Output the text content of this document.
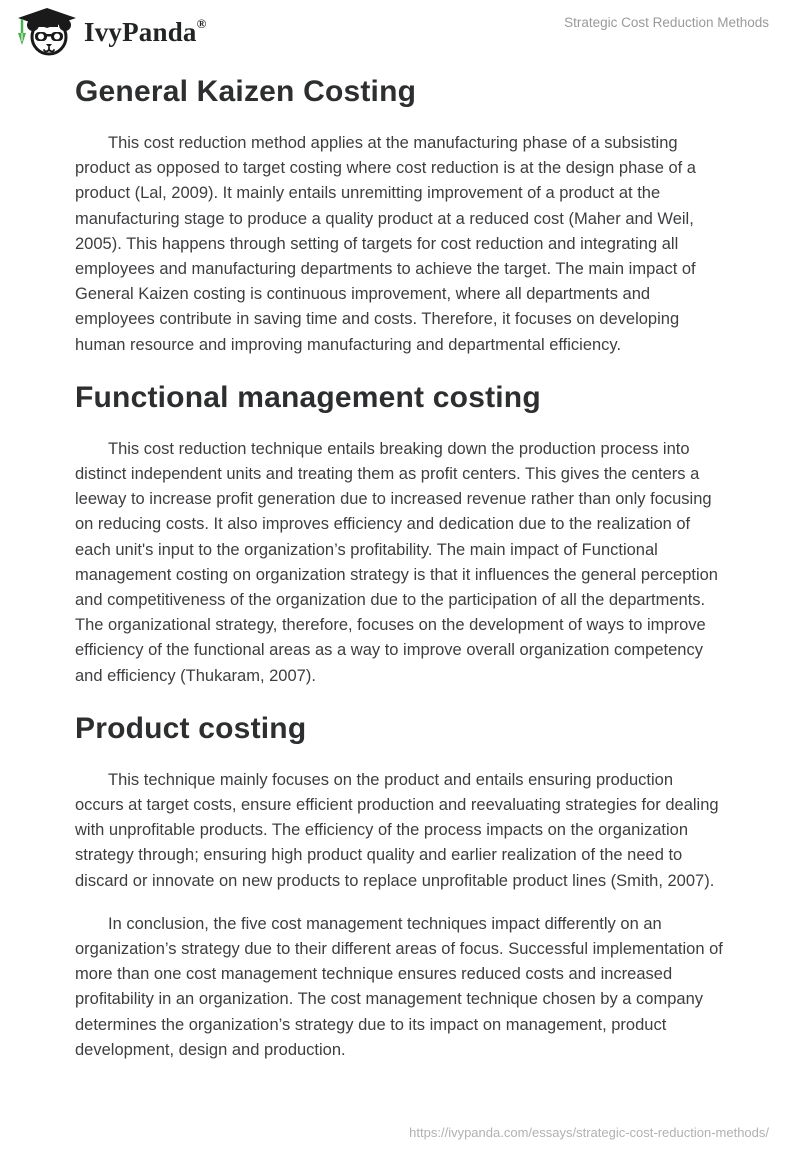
IvyPanda®	Strategic Cost Reduction Methods
General Kaizen Costing

This cost reduction method applies at the manufacturing phase of a subsisting product as opposed to target costing where cost reduction is at the design phase of a product (Lal, 2009). It mainly entails unremitting improvement of a product at the manufacturing stage to produce a quality product at a reduced cost (Maher and Weil, 2005). This happens through setting of targets for cost reduction and integrating all employees and manufacturing departments to achieve the target. The main impact of General Kaizen costing is continuous improvement, where all departments and employees contribute in saving time and costs. Therefore, it focuses on developing human resource and improving manufacturing and departmental efficiency.

Functional management costing

This cost reduction technique entails breaking down the production process into distinct independent units and treating them as profit centers. This gives the centers a leeway to increase profit generation due to increased revenue rather than only focusing on reducing costs. It also improves efficiency and dedication due to the realization of each unit's input to the organization’s profitability. The main impact of Functional management costing on organization strategy is that it influences the general perception and competitiveness of the organization due to the participation of all the departments. The organizational strategy, therefore, focuses on the development of ways to improve efficiency of the functional areas as a way to improve overall organization competency and efficiency (Thukaram, 2007).

Product costing

This technique mainly focuses on the product and entails ensuring production occurs at target costs, ensure efficient production and reevaluating strategies for dealing with unprofitable products. The efficiency of the process impacts on the organization strategy through; ensuring high product quality and earlier realization of the need to discard or innovate on new products to replace unprofitable product lines (Smith, 2007).

In conclusion, the five cost management techniques impact differently on an organization’s strategy due to their different areas of focus. Successful implementation of more than one cost management technique ensures reduced costs and increased profitability in an organization. The cost management technique chosen by a company determines the organization’s strategy due to its impact on management, product development, design and production.

https://ivypanda.com/essays/strategic-cost-reduction-methods/
